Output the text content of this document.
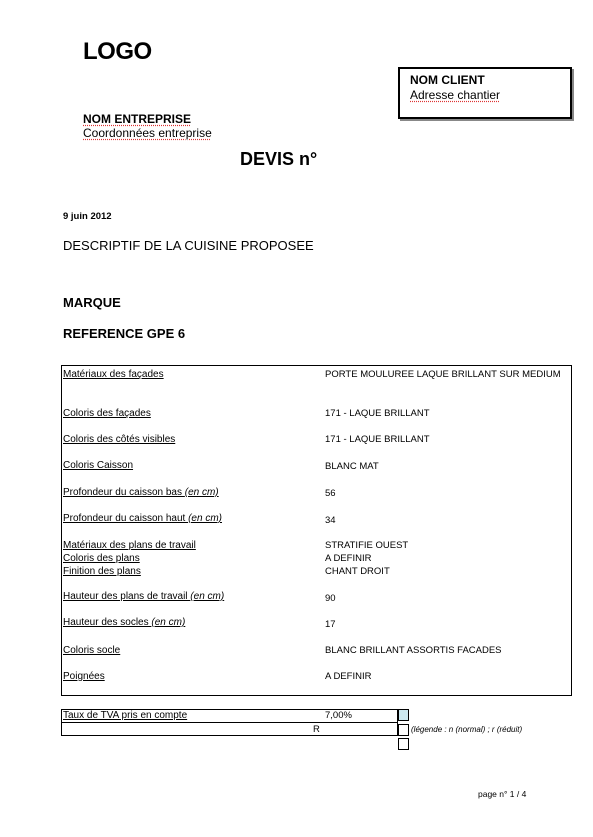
LOGO
NOM ENTREPRISE
Coordonnées entreprise
NOM CLIENT
Adresse chantier
DEVIS n°
9 juin 2012
DESCRIPTIF DE LA CUISINE PROPOSEE
MARQUE
REFERENCE GPE 6
Matériaux des façades	PORTE MOULUREE LAQUE BRILLANT SUR MEDIUM
Coloris des façades	171 - LAQUE BRILLANT
Coloris des côtés visibles	171 - LAQUE BRILLANT
Coloris Caisson	BLANC MAT
Profondeur du caisson bas (en cm)	56
Profondeur du caisson haut (en cm)	34
Matériaux des plans de travail	STRATIFIE OUEST
Coloris des plans	A DEFINIR
Finition des plans	CHANT DROIT
Hauteur des plans de travail (en cm)	90
Hauteur des socles (en cm)	17
Coloris socle	BLANC BRILLANT ASSORTIS FACADES
Poignées	A DEFINIR
Taux de TVA pris en compte	7,00%
R	(légende : n (normal) ; r (réduit)
page n° 1 / 4
